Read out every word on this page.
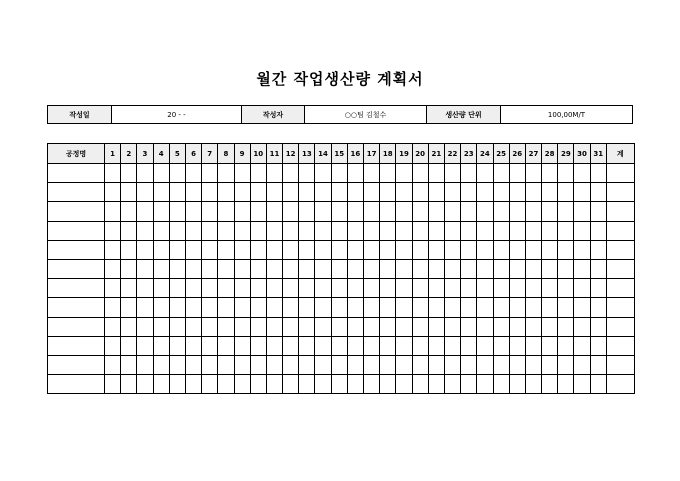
월간 작업생산량 계획서
작성일	20 - -	작성자	○○팀 김철수	생산량 단위	100,00M/T
공정명	1	2	3	4	5	6	7	8	9	10	11	12	13	14	15	16	17	18	19	20	21	22	23	24	25	26	27	28	29	30	31	계
